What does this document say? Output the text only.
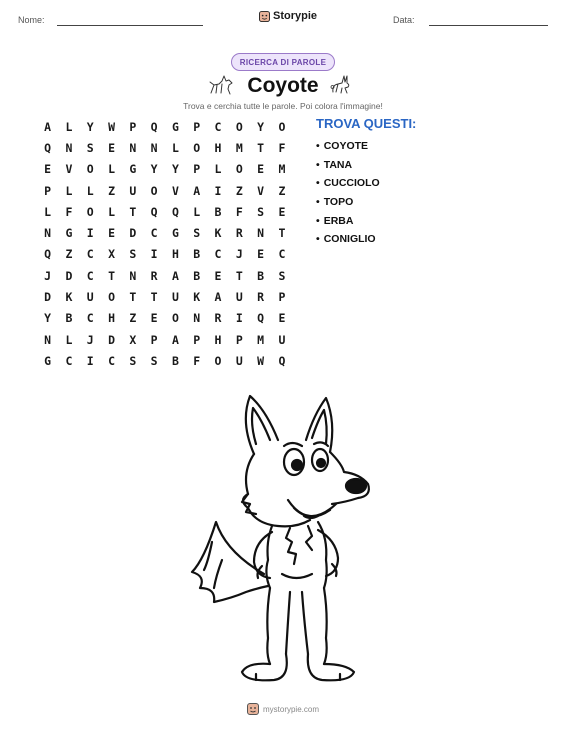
Nome:	Storypie	Data:
RICERCA DI PAROLE
Coyote
Trova e cerchia tutte le parole. Poi colora l'immagine!
A	L	Y	W	P	Q	G	P	C	O	Y	O
Q	N	S	E	N	N	L	O	H	M	T	F
E	V	O	L	G	Y	Y	P	L	O	E	M
P	L	L	Z	U	O	V	A	I	Z	V	Z
L	F	O	L	T	Q	Q	L	B	F	S	E
N	G	I	E	D	C	G	S	K	R	N	T
Q	Z	C	X	S	I	H	B	C	J	E	C
J	D	C	T	N	R	A	B	E	T	B	S
D	K	U	O	T	T	U	K	A	U	R	P
Y	B	C	H	Z	E	O	N	R	I	Q	E
N	L	J	D	X	P	A	P	H	P	M	U
G	C	I	C	S	S	B	F	O	U	W	Q
TROVA QUESTI:
• COYOTE
• TANA
• CUCCIOLO
• TOPO
• ERBA
• CONIGLIO
mystorypie.com
